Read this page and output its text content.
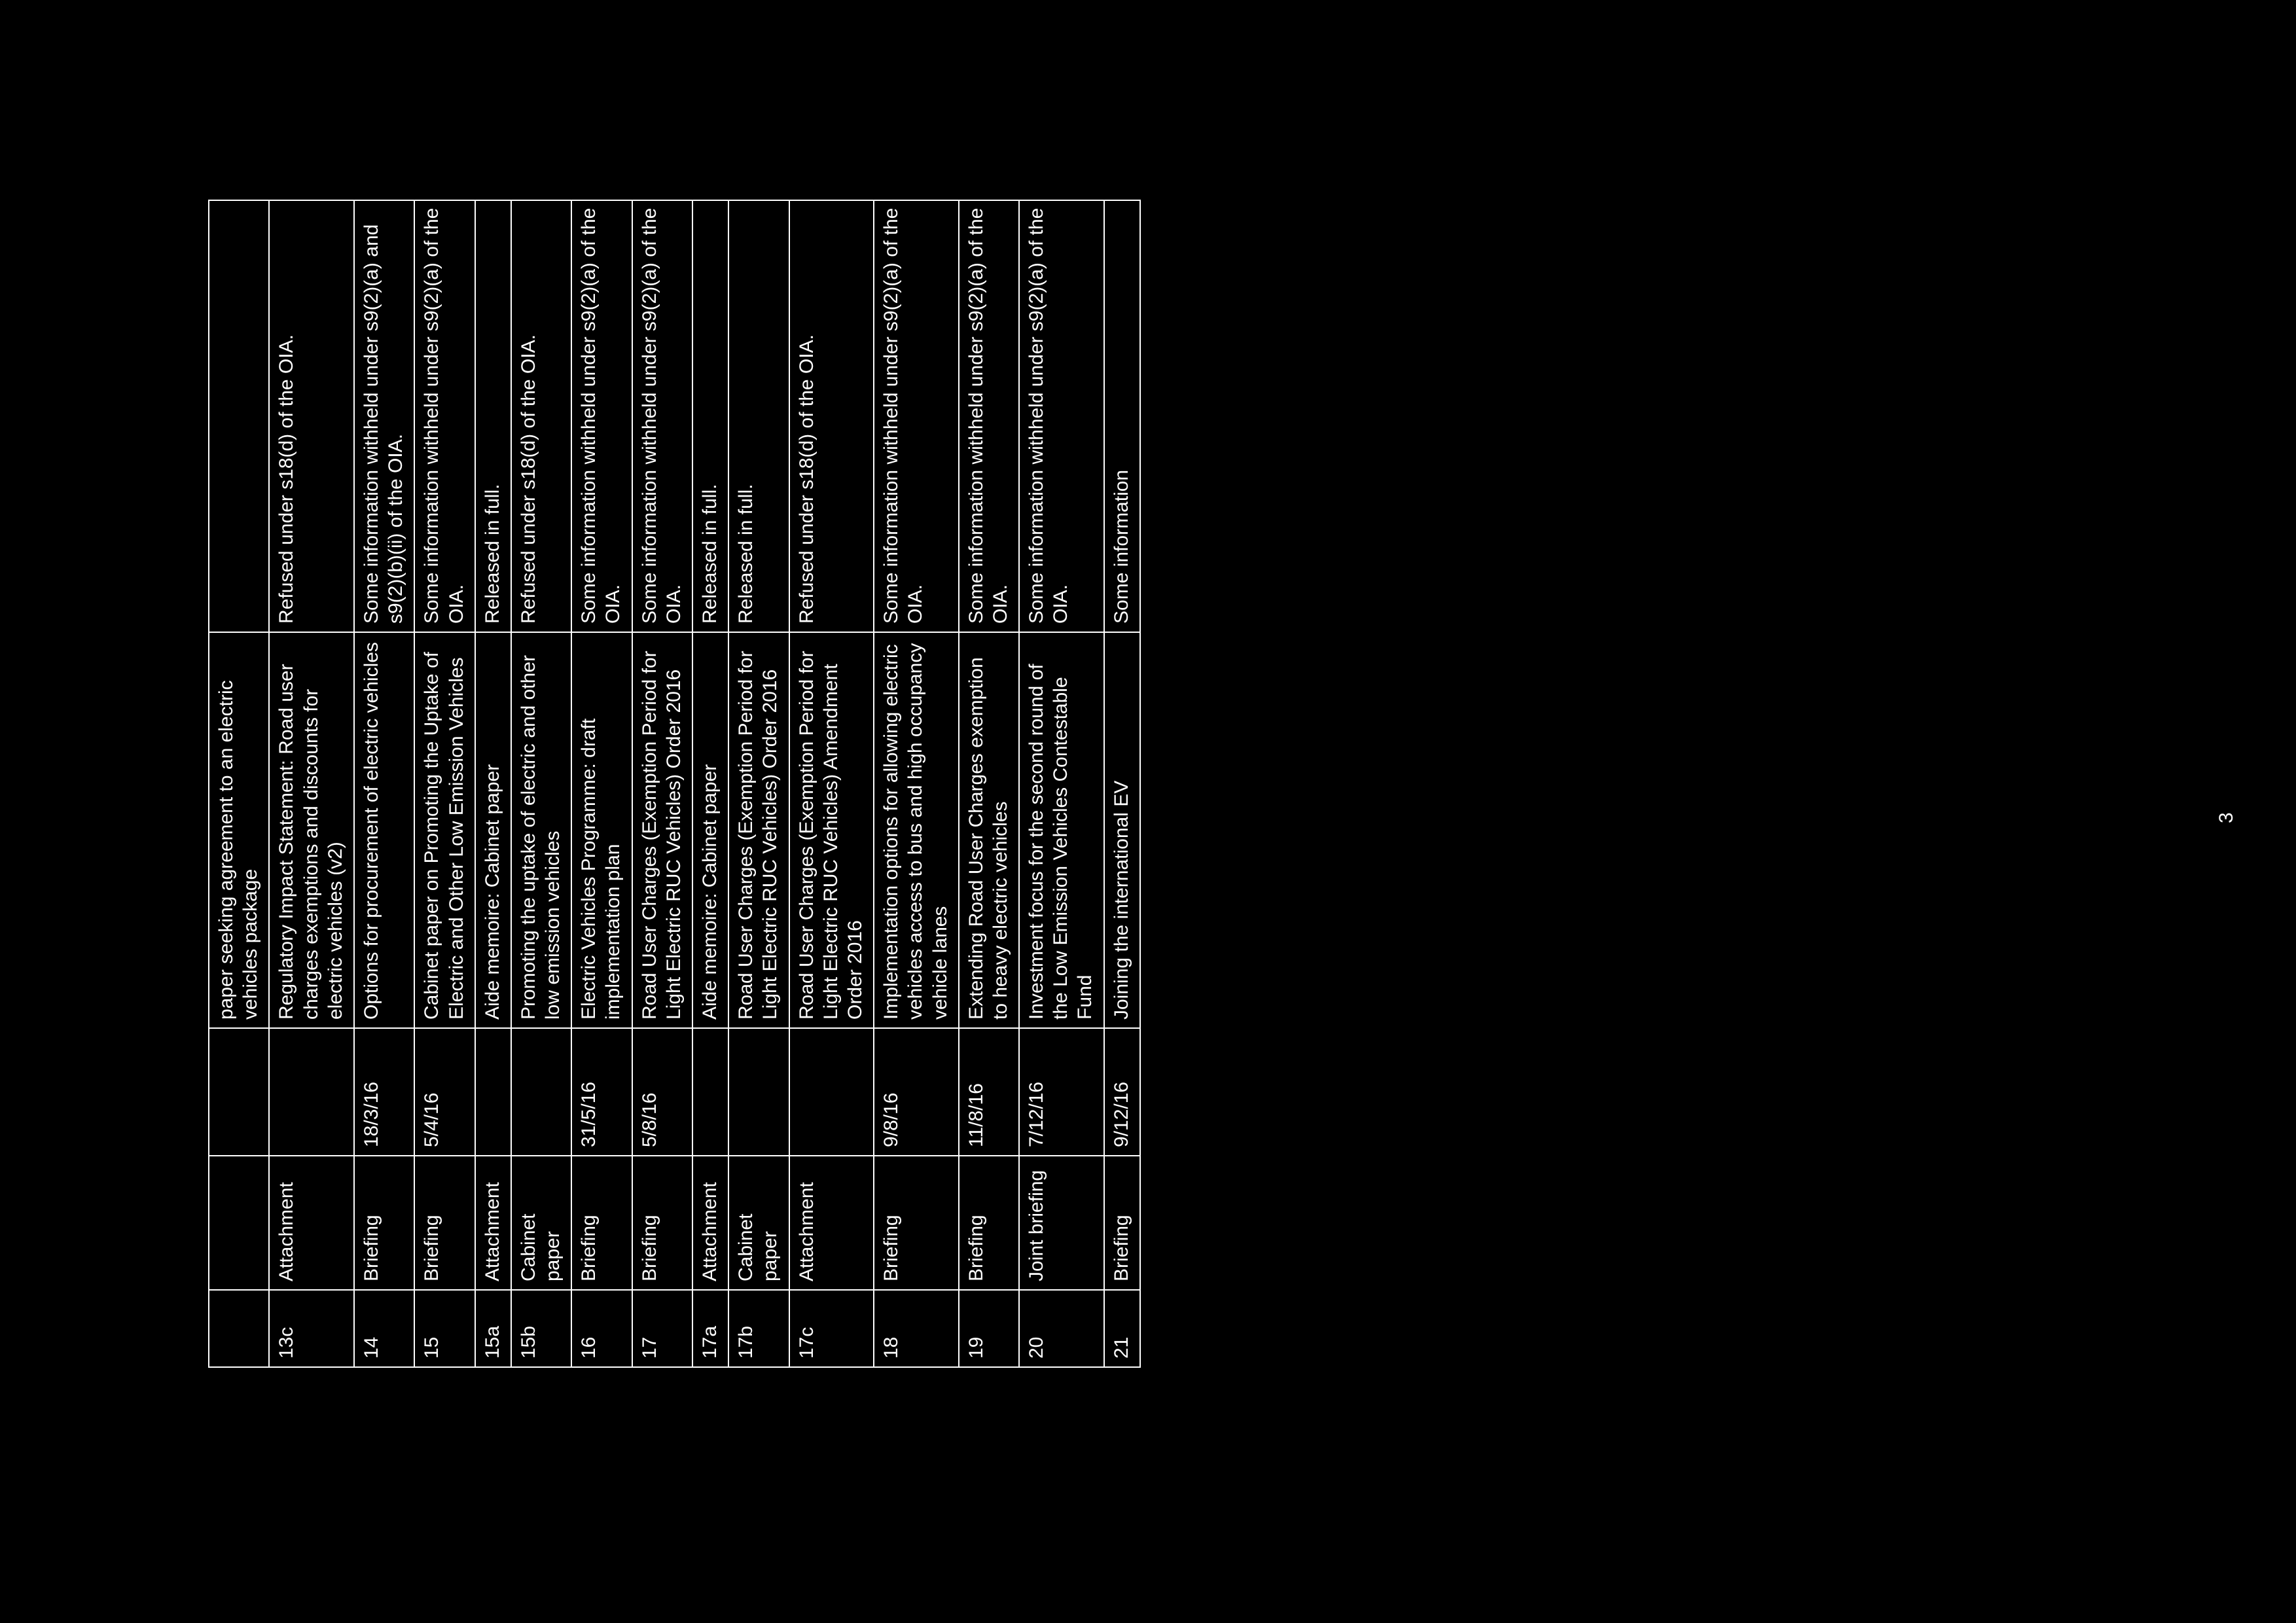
			paper seeking agreement to an electric vehicles package	
13c	Attachment		Regulatory Impact Statement: Road user charges exemptions and discounts for electric vehicles (v2)	Refused under s18(d) of the OIA.
14	Briefing	18/3/16	Options for procurement of electric vehicles	Some information withheld under s9(2)(a) and s9(2)(b)(ii) of the OIA.
15	Briefing	5/4/16	Cabinet paper on Promoting the Uptake of Electric and Other Low Emission Vehicles	Some information withheld under s9(2)(a) of the OIA.
15a	Attachment		Aide memoire: Cabinet paper	Released in full.
15b	Cabinet paper		Promoting the uptake of electric and other low emission vehicles	Refused under s18(d) of the OIA.
16	Briefing	31/5/16	Electric Vehicles Programme: draft implementation plan	Some information withheld under s9(2)(a) of the OIA.
17	Briefing	5/8/16	Road User Charges (Exemption Period for Light Electric RUC Vehicles) Order 2016	Some information withheld under s9(2)(a) of the OIA.
17a	Attachment		Aide memoire: Cabinet paper	Released in full.
17b	Cabinet paper		Road User Charges (Exemption Period for Light Electric RUC Vehicles) Order 2016	Released in full.
17c	Attachment		Road User Charges (Exemption Period for Light Electric RUC Vehicles) Amendment Order 2016	Refused under s18(d) of the OIA.
18	Briefing	9/8/16	Implementation options for allowing electric vehicles access to bus and high occupancy vehicle lanes	Some information withheld under s9(2)(a) of the OIA.
19	Briefing	11/8/16	Extending Road User Charges exemption to heavy electric vehicles	Some information withheld under s9(2)(a) of the OIA.
20	Joint briefing	7/12/16	Investment focus for the second round of the Low Emission Vehicles Contestable Fund	Some information withheld under s9(2)(a) of the OIA.
21	Briefing	9/12/16	Joining the international EV	Some information
3
